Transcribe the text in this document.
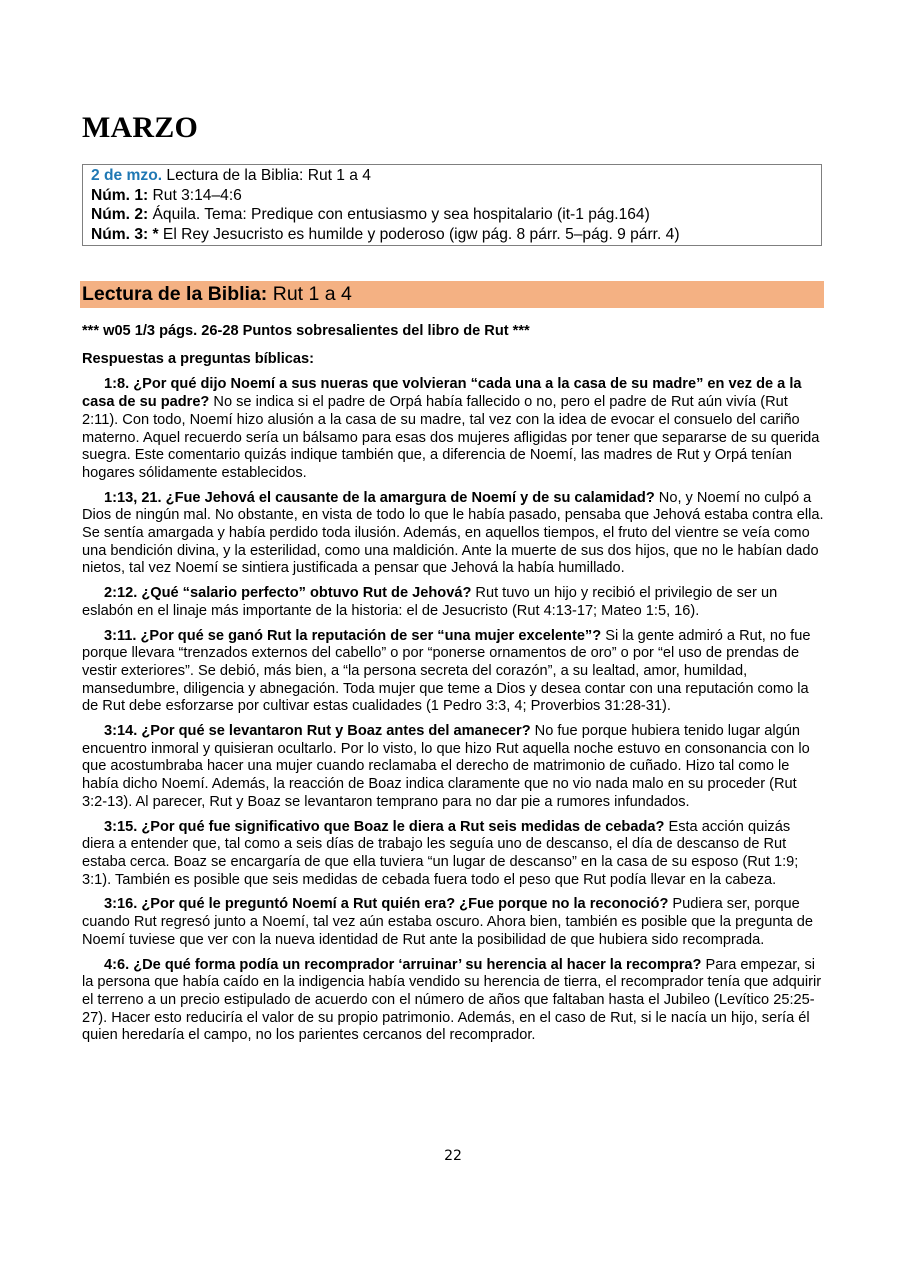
MARZO
2 de mzo. Lectura de la Biblia: Rut 1 a 4
Núm. 1: Rut 3:14–4:6
Núm. 2: Áquila. Tema: Predique con entusiasmo y sea hospitalario (it-1 pág.164)
Núm. 3: * El Rey Jesucristo es humilde y poderoso (igw pág. 8 párr. 5–pág. 9 párr. 4)
Lectura de la Biblia: Rut 1 a 4

*** w05 1/3 págs. 26-28 Puntos sobresalientes del libro de Rut ***

Respuestas a preguntas bíblicas:

1:8. ¿Por qué dijo Noemí a sus nueras que volvieran “cada una a la casa de su madre” en vez de a la casa de su padre? No se indica si el padre de Orpá había fallecido o no, pero el padre de Rut aún vivía (Rut 2:11). Con todo, Noemí hizo alusión a la casa de su madre, tal vez con la idea de evocar el consuelo del cariño materno. Aquel recuerdo sería un bálsamo para esas dos mujeres afligidas por tener que separarse de su querida suegra. Este comentario quizás indique también que, a diferencia de Noemí, las madres de Rut y Orpá tenían hogares sólidamente establecidos.

1:13, 21. ¿Fue Jehová el causante de la amargura de Noemí y de su calamidad? No, y Noemí no culpó a Dios de ningún mal. No obstante, en vista de todo lo que le había pasado, pensaba que Jehová estaba contra ella. Se sentía amargada y había perdido toda ilusión. Además, en aquellos tiempos, el fruto del vientre se veía como una bendición divina, y la esterilidad, como una maldición. Ante la muerte de sus dos hijos, que no le habían dado nietos, tal vez Noemí se sintiera justificada a pensar que Jehová la había humillado.

2:12. ¿Qué “salario perfecto” obtuvo Rut de Jehová? Rut tuvo un hijo y recibió el privilegio de ser un eslabón en el linaje más importante de la historia: el de Jesucristo (Rut 4:13-17; Mateo 1:5, 16).

3:11. ¿Por qué se ganó Rut la reputación de ser “una mujer excelente”? Si la gente admiró a Rut, no fue porque llevara “trenzados externos del cabello” o por “ponerse ornamentos de oro” o por “el uso de prendas de vestir exteriores”. Se debió, más bien, a “la persona secreta del corazón”, a su lealtad, amor, humildad, mansedumbre, diligencia y abnegación. Toda mujer que teme a Dios y desea contar con una reputación como la de Rut debe esforzarse por cultivar estas cualidades (1 Pedro 3:3, 4; Proverbios 31:28-31).

3:14. ¿Por qué se levantaron Rut y Boaz antes del amanecer? No fue porque hubiera tenido lugar algún encuentro inmoral y quisieran ocultarlo. Por lo visto, lo que hizo Rut aquella noche estuvo en consonancia con lo que acostumbraba hacer una mujer cuando reclamaba el derecho de matrimonio de cuñado. Hizo tal como le había dicho Noemí. Además, la reacción de Boaz indica claramente que no vio nada malo en su proceder (Rut 3:2-13). Al parecer, Rut y Boaz se levantaron temprano para no dar pie a rumores infundados.

3:15. ¿Por qué fue significativo que Boaz le diera a Rut seis medidas de cebada? Esta acción quizás diera a entender que, tal como a seis días de trabajo les seguía uno de descanso, el día de descanso de Rut estaba cerca. Boaz se encargaría de que ella tuviera “un lugar de descanso” en la casa de su esposo (Rut 1:9; 3:1). También es posible que seis medidas de cebada fuera todo el peso que Rut podía llevar en la cabeza.

3:16. ¿Por qué le preguntó Noemí a Rut quién era? ¿Fue porque no la reconoció? Pudiera ser, porque cuando Rut regresó junto a Noemí, tal vez aún estaba oscuro. Ahora bien, también es posible que la pregunta de Noemí tuviese que ver con la nueva identidad de Rut ante la posibilidad de que hubiera sido recomprada.

4:6. ¿De qué forma podía un recomprador ‘arruinar’ su herencia al hacer la recompra? Para empezar, si la persona que había caído en la indigencia había vendido su herencia de tierra, el recomprador tenía que adquirir el terreno a un precio estipulado de acuerdo con el número de años que faltaban hasta el Jubileo (Levítico 25:25-27). Hacer esto reduciría el valor de su propio patrimonio. Además, en el caso de Rut, si le nacía un hijo, sería él quien heredaría el campo, no los parientes cercanos del recomprador.

22
